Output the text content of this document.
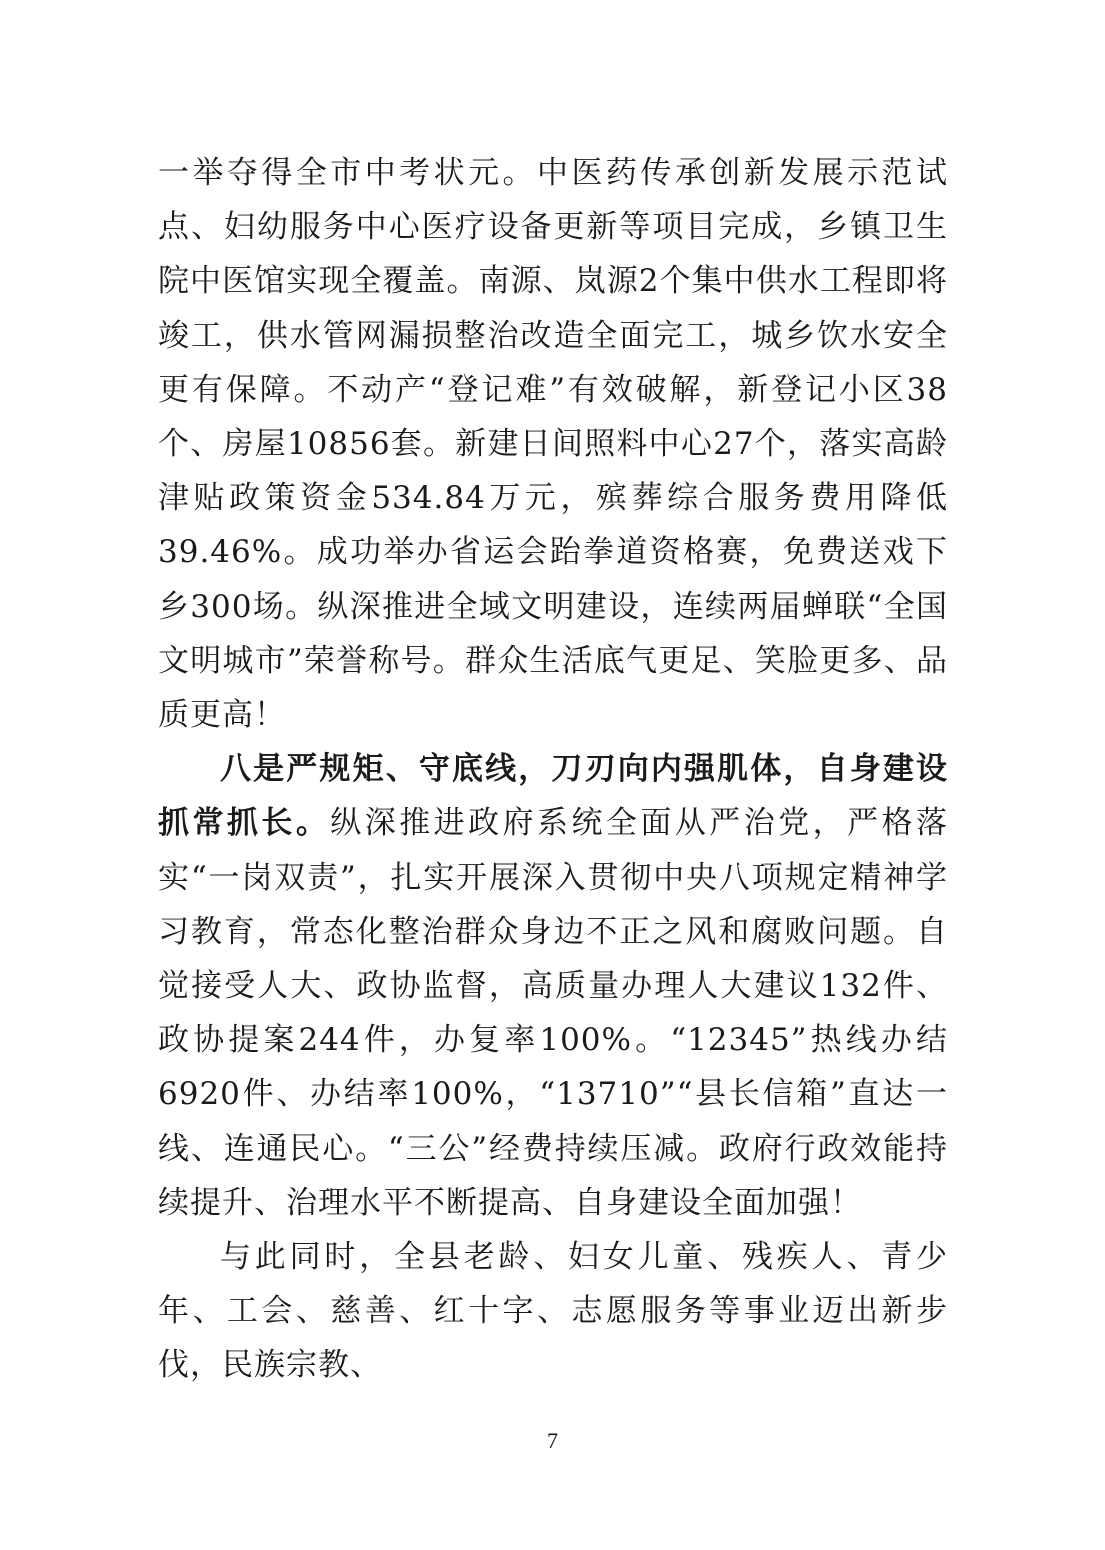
一举夺得全市中考状元。中医药传承创新发展示范试点、妇幼服务中心医疗设备更新等项目完成，乡镇卫生院中医馆实现全覆盖。南源、岚源2个集中供水工程即将竣工，供水管网漏损整治改造全面完工，城乡饮水安全更有保障。不动产“登记难”有效破解，新登记小区38个、房屋10856套。新建日间照料中心27个，落实高龄津贴政策资金534.84万元，殡葬综合服务费用降低39.46%。成功举办省运会跆拳道资格赛，免费送戏下乡300场。纵深推进全域文明建设，连续两届蝉联“全国文明城市”荣誉称号。群众生活底气更足、笑脸更多、品质更高！

八是严规矩、守底线，刀刃向内强肌体，自身建设抓常抓长。纵深推进政府系统全面从严治党，严格落实“一岗双责”，扎实开展深入贯彻中央八项规定精神学习教育，常态化整治群众身边不正之风和腐败问题。自觉接受人大、政协监督，高质量办理人大建议132件、政协提案244件，办复率100%。“12345”热线办结6920件、办结率100%，“13710”“县长信箱”直达一线、连通民心。“三公”经费持续压减。政府行政效能持续提升、治理水平不断提高、自身建设全面加强！

与此同时，全县老龄、妇女儿童、残疾人、青少年、工会、慈善、红十字、志愿服务等事业迈出新步伐，民族宗教、

7
